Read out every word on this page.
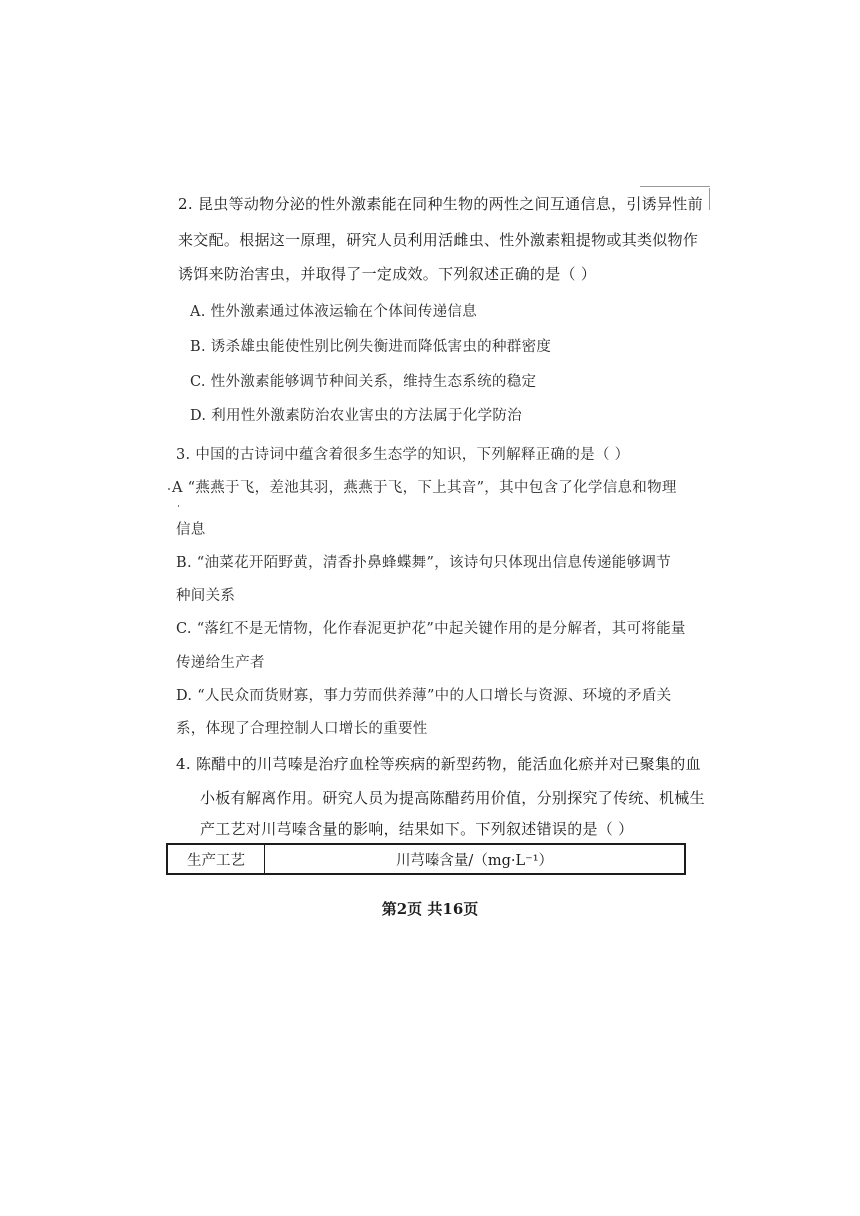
2. 昆虫等动物分泌的性外激素能在同种生物的两性之间互通信息，引诱异性前
来交配。根据这一原理，研究人员利用活雌虫、性外激素粗提物或其类似物作
诱饵来防治害虫，并取得了一定成效。下列叙述正确的是（ ）
A. 性外激素通过体液运输在个体间传递信息
B. 诱杀雄虫能使性别比例失衡进而降低害虫的种群密度
C. 性外激素能够调节种间关系，维持生态系统的稳定
D. 利用性外激素防治农业害虫的方法属于化学防治
3. 中国的古诗词中蕴含着很多生态学的知识，下列解释正确的是（ ）
A “燕燕于飞，差池其羽，燕燕于飞，下上其音”，其中包含了化学信息和物理
信息
B. “油菜花开陌野黄，清香扑鼻蜂蝶舞”，该诗句只体现出信息传递能够调节
种间关系
C. “落红不是无情物，化作春泥更护花”中起关键作用的是分解者，其可将能量
传递给生产者
D. “人民众而货财寡，事力劳而供养薄”中的人口增长与资源、环境的矛盾关
系，体现了合理控制人口增长的重要性
4. 陈醋中的川芎嗪是治疗血栓等疾病的新型药物，能活血化瘀并对已聚集的血
小板有解离作用。研究人员为提高陈醋药用价值，分别探究了传统、机械生
产工艺对川芎嗪含量的影响，结果如下。下列叙述错误的是（ ）
生产工艺	川芎嗪含量/（mg·L⁻¹）
第2页 共16页
